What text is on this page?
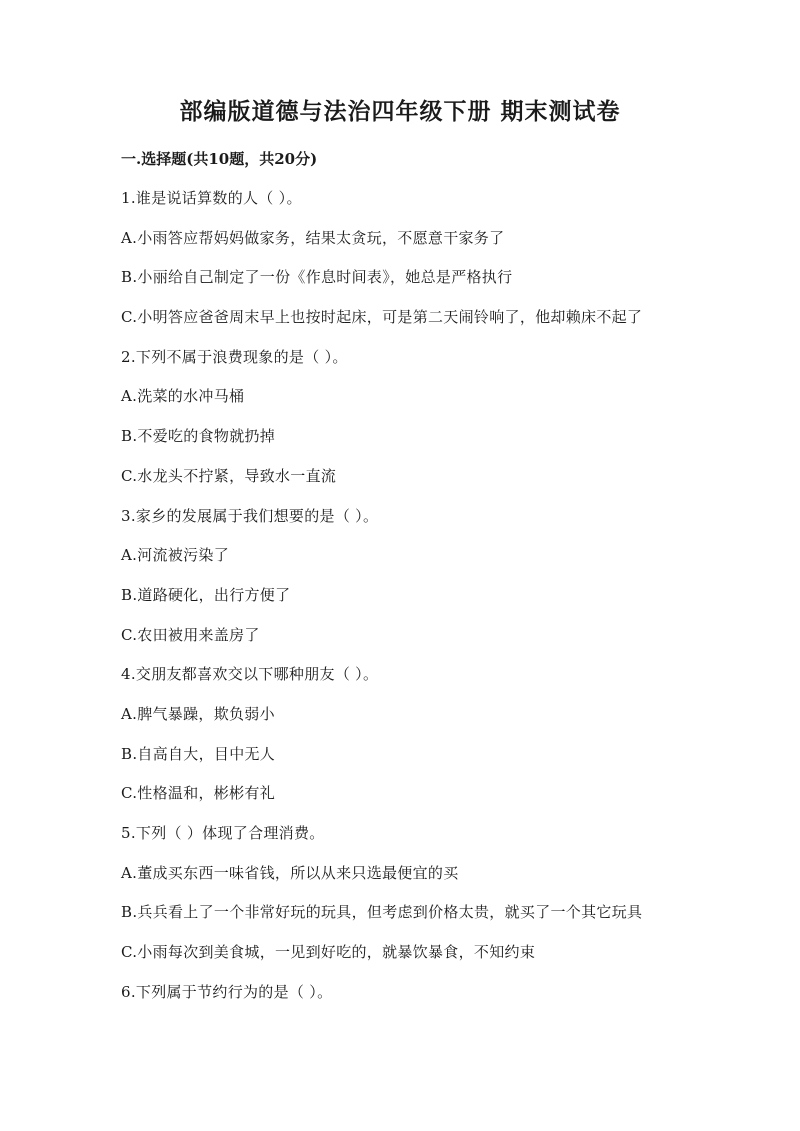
部编版道德与法治四年级下册 期末测试卷
一.选择题(共10题，共20分)
1.谁是说话算数的人（ ）。
A.小雨答应帮妈妈做家务，结果太贪玩，不愿意干家务了
B.小丽给自己制定了一份《作息时间表》，她总是严格执行
C.小明答应爸爸周末早上也按时起床，可是第二天闹铃响了，他却赖床不起了
2.下列不属于浪费现象的是（ ）。
A.洗菜的水冲马桶
B.不爱吃的食物就扔掉
C.水龙头不拧紧，导致水一直流
3.家乡的发展属于我们想要的是（ ）。
A.河流被污染了
B.道路硬化，出行方便了
C.农田被用来盖房了
4.交朋友都喜欢交以下哪种朋友（ ）。
A.脾气暴躁，欺负弱小
B.自高自大，目中无人
C.性格温和，彬彬有礼
5.下列（ ）体现了合理消费。
A.董成买东西一味省钱，所以从来只选最便宜的买
B.兵兵看上了一个非常好玩的玩具，但考虑到价格太贵，就买了一个其它玩具
C.小雨每次到美食城，一见到好吃的，就暴饮暴食，不知约束
6.下列属于节约行为的是（ ）。
